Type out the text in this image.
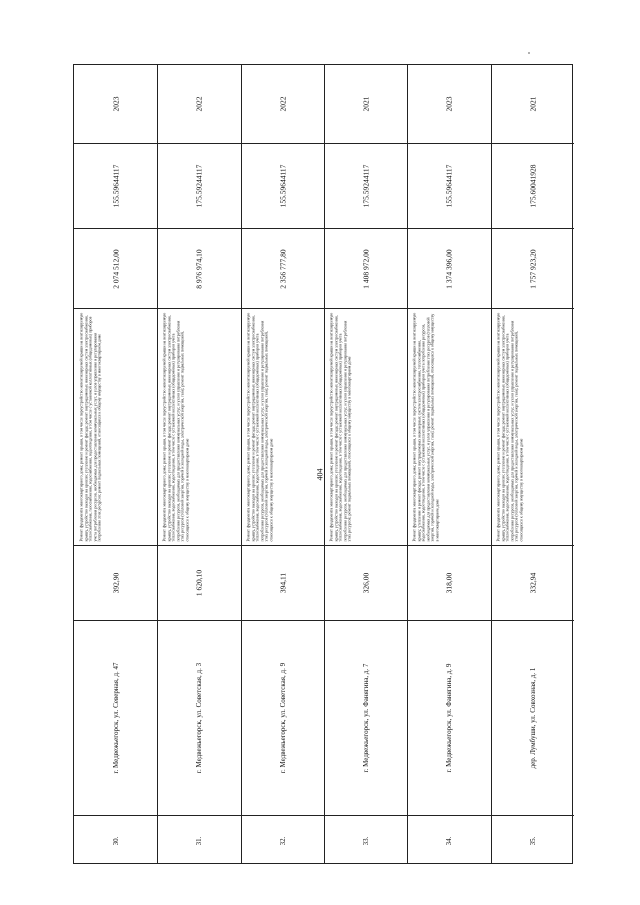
404
2023
155.59644117
2 074 512,00
Ремонт фундамента многоквартирного дома; ремонт крыши, в том числе переустройство невентилируемой крыши на вентилируемую крышу, устройство выходов на кровлю; утепление и ремонт фасада; ремонт внутридомовых инженерных систем электроснабжения, теплоснабжения, газоснабжения, водоснабжения, водоотведения, в том числе с установкой коллективных (общедомовых) приборов учета потребления ресурсов, необходимых для предоставления коммунальных услуг, и узлов управления и регулирования потребления этих ресурсов; ремонт подвальных помещений, относящихся к общему имуществу в многоквартирном доме
392,90
г. Медвежьегорск, ул. Северная, д. 47
30.
2022
175.59244117
8 976 974,10
Ремонт фундамента многоквартирного дома; ремонт крыши, в том числе переустройство невентилируемой крыши на вентилируемую крышу, устройство выходов на кровлю; утепление и ремонт фасада; ремонт внутридомовых инженерных систем электроснабжения, теплоснабжения, водоснабжения, водоотведения, в том числе с установкой коллективных (общедомовых) приборов учета потребления ресурсов, необходимых для предоставления коммунальных услуг, и узлов управления и регулирования потребления этих ресурсов (тепловой энергии, горячей и холодной воды, электрической энергии, газа); ремонт подвальных помещений, относящихся к общему имуществу в многоквартирном доме
1 620,10
г. Медвежьегорск, ул. Советская, д. 3
31.
2022
155.59644117
2 356 777,80
Ремонт фундамента многоквартирного дома; ремонт крыши, в том числе переустройство невентилируемой крыши на вентилируемую крышу, устройство выходов на кровлю; утепление и ремонт фасада; ремонт внутридомовых инженерных систем электроснабжения, теплоснабжения, водоснабжения, водоотведения, в том числе с установкой коллективных (общедомовых) приборов учета потребления ресурсов, необходимых для предоставления коммунальных услуг, и узлов управления и регулирования потребления этих ресурсов (тепловой энергии, горячей и холодной воды, электрической энергии, газа); ремонт подвальных помещений, относящихся к общему имуществу в многоквартирном доме
394,11
г. Медвежьегорск, ул. Советская, д. 9
32.
2021
175.59244117
1 408 972,00
Ремонт фундамента многоквартирного дома; ремонт крыши, в том числе переустройство невентилируемой крыши на вентилируемую крышу, устройство выходов на кровлю; утепление и ремонт фасада; ремонт внутридомовых инженерных систем электроснабжения, теплоснабжения, водоснабжения, водоотведения, в том числе с установкой коллективных (общедомовых) приборов учета потребления ресурсов, необходимых для предоставления коммунальных услуг, и узлов управления и регулирования потребления этих ресурсов; ремонт подвальных помещений, относящихся к общему имуществу в многоквартирном доме
326,00
г. Медвежьегорск, ул. Фанягина, д. 7
33.
2023
155.59644117
1 374 396,00
Ремонт фундамента многоквартирного дома; ремонт крыши, в том числе переустройство невентилируемой крыши на вентилируемую крышу; утепление и ремонт фасада; ремонт внутридомовых инженерных систем электроснабжения, теплоснабжения, водоснабжения, водоотведения, в том числе с установкой коллективных (общедомовых) приборов учета потребления ресурсов, необходимых для предоставления коммунальных услуг, и узлов управления и регулирования потребления этих ресурсов (тепловой энергии, горячей и холодной воды, электрической энергии, газа); ремонт подвальных помещений, относящихся к общему имуществу в многоквартирном доме
318,00
г. Медвежьегорск, ул. Фанягина, д. 9
34.
2021
175.60041928
1 757 923,20
Ремонт фундамента многоквартирного дома; ремонт крыши, в том числе переустройство невентилируемой крыши на вентилируемую крышу, устройство выходов на кровлю; утепление и ремонт фасада; ремонт внутридомовых инженерных систем электроснабжения, теплоснабжения, водоснабжения, водоотведения, в том числе с установкой коллективных (общедомовых) приборов учета потребления ресурсов, необходимых для предоставления коммунальных услуг, и узлов управления и регулирования потребления этих ресурсов (тепловой энергии, горячей и холодной воды, электрической энергии, газа); ремонт подвальных помещений, относящихся к общему имуществу в многоквартирном доме
332,94
дер. Лумбуши, ул. Совхозная, д. 1
35.
